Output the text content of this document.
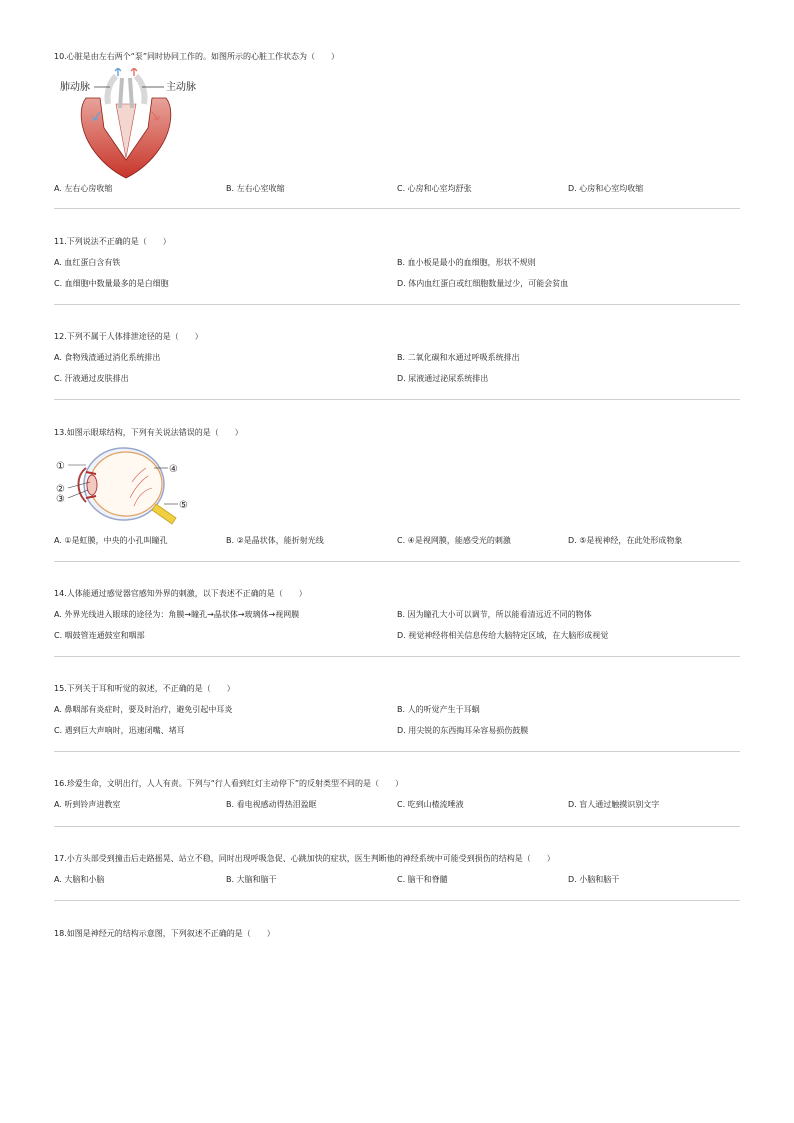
10.心脏是由左右两个“泵”同时协同工作的。如图所示的心脏工作状态为（　　）
肺动脉	主动脉
A. 左右心房收缩	B. 左右心室收缩	C. 心房和心室均舒张	D. 心房和心室均收缩
11.下列说法不正确的是（　　）
A. 血红蛋白含有铁	B. 血小板是最小的血细胞，形状不规则
C. 血细胞中数量最多的是白细胞	D. 体内血红蛋白或红细胞数量过少，可能会贫血
12.下列不属于人体排泄途径的是（　　）
A. 食物残渣通过消化系统排出	B. 二氧化碳和水通过呼吸系统排出
C. 汗液通过皮肤排出	D. 尿液通过泌尿系统排出
13.如图示眼球结构，下列有关说法错误的是（　　）
①
②
③
④
⑤
A. ①是虹膜，中央的小孔叫瞳孔	B. ②是晶状体，能折射光线	C. ④是视网膜，能感受光的刺激	D. ⑤是视神经，在此处形成物象
14.人体能通过感觉器官感知外界的刺激，以下表述不正确的是（　　）
A. 外界光线进入眼球的途径为：角膜→瞳孔→晶状体→玻璃体→视网膜	B. 因为瞳孔大小可以调节，所以能看清远近不同的物体
C. 咽鼓管连通鼓室和咽部	D. 视觉神经将相关信息传给大脑特定区域，在大脑形成视觉
15.下列关于耳和听觉的叙述，不正确的是（　　）
A. 鼻咽部有炎症时，要及时治疗，避免引起中耳炎	B. 人的听觉产生于耳蜗
C. 遇到巨大声响时，迅速闭嘴、堵耳	D. 用尖锐的东西掏耳朵容易损伤鼓膜
16.珍爱生命，文明出行，人人有责。下列与“行人看到红灯主动停下”的反射类型不同的是（　　）
A. 听到铃声进教室	B. 看电视感动得热泪盈眶	C. 吃到山楂流唾液	D. 盲人通过触摸识别文字
17.小方头部受到撞击后走路摇晃、站立不稳，同时出现呼吸急促、心跳加快的症状，医生判断他的神经系统中可能受到损伤的结构是（　　）
A. 大脑和小脑	B. 大脑和脑干	C. 脑干和脊髓	D. 小脑和脑干
18.如图是神经元的结构示意图，下列叙述不正确的是（　　）
